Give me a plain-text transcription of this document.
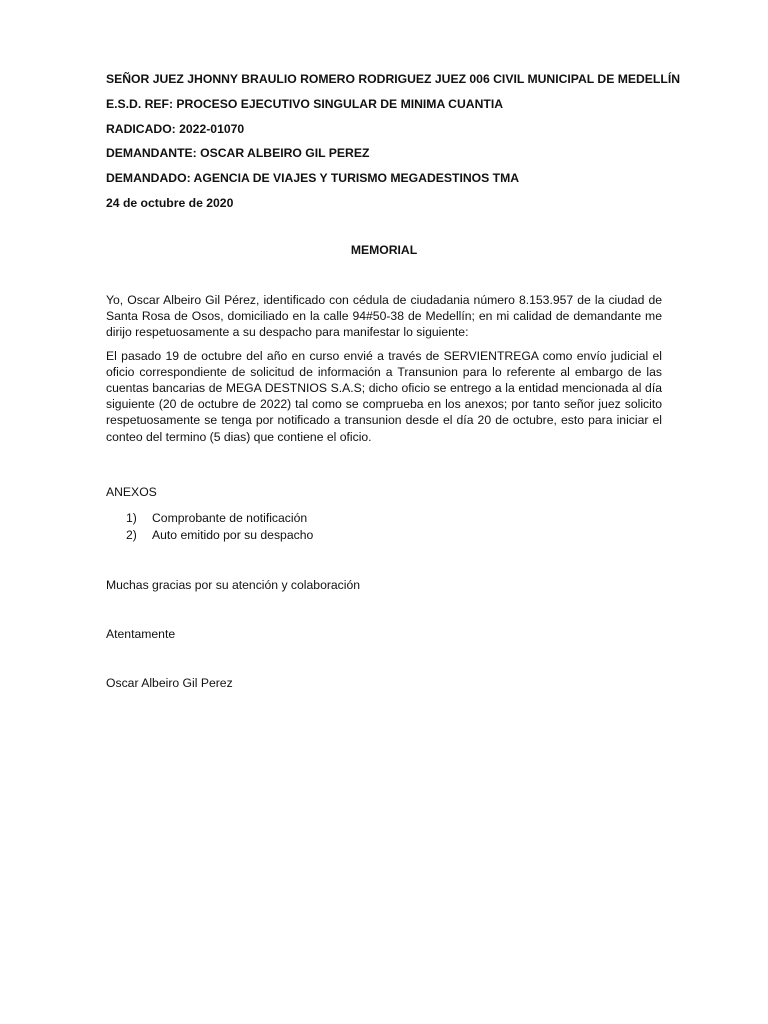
SEÑOR JUEZ JHONNY BRAULIO ROMERO RODRIGUEZ JUEZ 006 CIVIL MUNICIPAL DE MEDELLÍN
E.S.D. REF: PROCESO EJECUTIVO SINGULAR DE MINIMA CUANTIA
RADICADO: 2022-01070
DEMANDANTE: OSCAR ALBEIRO GIL PEREZ
DEMANDADO: AGENCIA DE VIAJES Y TURISMO MEGADESTINOS TMA
24 de octubre de 2020
MEMORIAL

Yo, Oscar Albeiro Gil Pérez, identificado con cédula de ciudadania número 8.153.957 de la ciudad de Santa Rosa de Osos, domiciliado en la calle 94#50-38 de Medellín; en mi calidad de demandante me dirijo respetuosamente a su despacho para manifestar lo siguiente:

El pasado 19 de octubre del año en curso envié a través de SERVIENTREGA como envío judicial el oficio correspondiente de solicitud de información a Transunion para lo referente al embargo de las cuentas bancarias de MEGA DESTNIOS S.A.S; dicho oficio se entrego a la entidad mencionada al día siguiente (20 de octubre de 2022) tal como se comprueba en los anexos; por tanto señor juez solicito respetuosamente se tenga por notificado a transunion desde el día 20 de octubre, esto para iniciar el conteo del termino (5 dias) que contiene el oficio.

ANEXOS
1)	Comprobante de notificación
2)	Auto emitido por su despacho
Muchas gracias por su atención y colaboración
Atentamente
Oscar Albeiro Gil Perez
